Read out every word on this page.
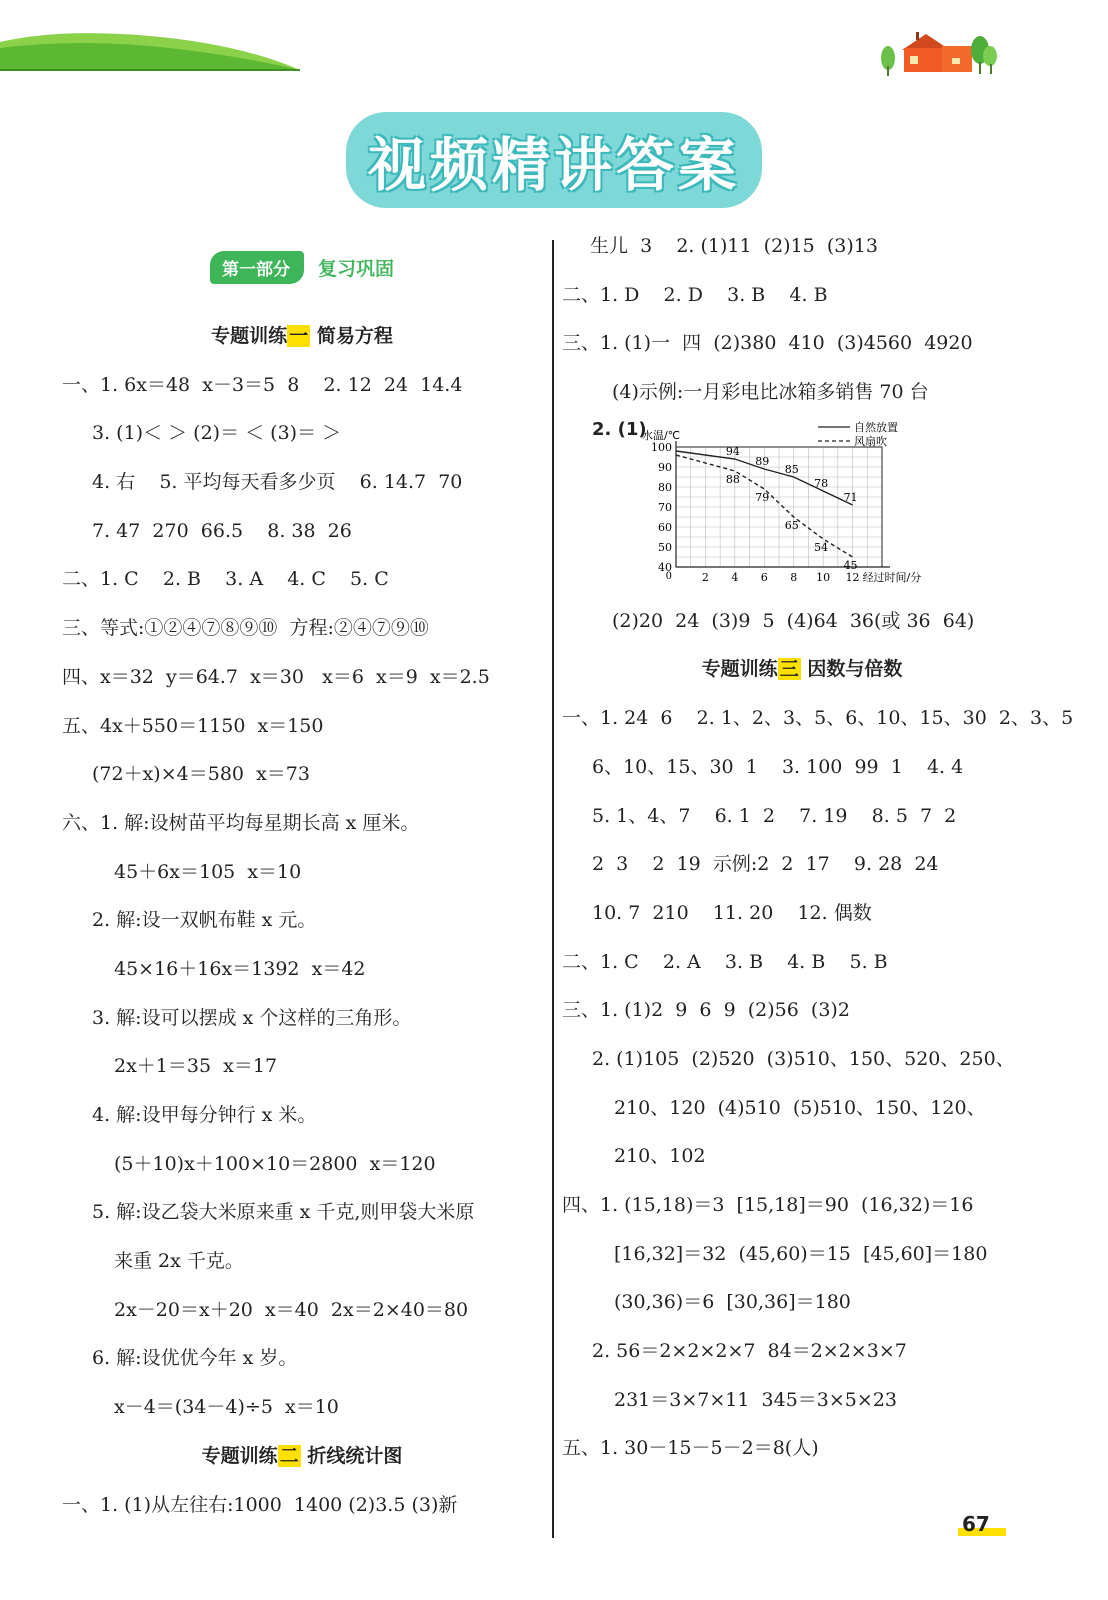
视频精讲答案
第一部分	复习巩固
专题训练 一 简易方程
一、1. 6x＝48  x－3＝5  8    2. 12  24  14.4
3. (1)＜ ＞ (2)＝ ＜ (3)＝ ＞
4. 右    5. 平均每天看多少页    6. 14.7  70
7. 47  270  66.5    8. 38  26
二、1. C    2. B    3. A    4. C    5. C
三、等式:①②④⑦⑧⑨⑩  方程:②④⑦⑨⑩
四、x＝32  y＝64.7  x＝30   x＝6  x＝9  x＝2.5
五、4x＋550＝1150  x＝150
(72＋x)×4＝580  x＝73
六、1. 解:设树苗平均每星期长高 x 厘米。
45＋6x＝105  x＝10
2. 解:设一双帆布鞋 x 元。
45×16＋16x＝1392  x＝42
3. 解:设可以摆成 x 个这样的三角形。
2x＋1＝35  x＝17
4. 解:设甲每分钟行 x 米。
(5＋10)x＋100×10＝2800  x＝120
5. 解:设乙袋大米原来重 x 千克,则甲袋大米原
来重 2x 千克。
2x－20＝x＋20  x＝40  2x＝2×40＝80
6. 解:设优优今年 x 岁。
x－4＝(34－4)÷5  x＝10
专题训练 二 折线统计图
一、1. (1)从左往右:1000  1400 (2)3.5 (3)新
生儿  3    2. (1)11  (2)15  (3)13
二、1. D    2. D    3. B    4. B
三、1. (1)一  四  (2)380  410  (3)4560  4920
(4)示例:一月彩电比冰箱多销售 70 台
2. (1)
40
50
60
70
80
90
100
2 4 6 8 10 12
0
水温/℃
经过时间/分
94
89
85
78
71
自然放置
88
79
65
54
45
风扇吹
(2)20  24  (3)9  5  (4)64  36(或 36  64)
专题训练 三 因数与倍数
一、1. 24  6    2. 1、2、3、5、6、10、15、30  2、3、5
6、10、15、30  1    3. 100  99  1    4. 4
5. 1、4、7    6. 1  2    7. 19    8. 5  7  2
2  3    2  19  示例:2  2  17    9. 28  24
10. 7  210    11. 20    12. 偶数
二、1. C    2. A    3. B    4. B    5. B
三、1. (1)2  9  6  9  (2)56  (3)2
2. (1)105  (2)520  (3)510、150、520、250、
210、120  (4)510  (5)510、150、120、
210、102
四、1. (15,18)＝3  [15,18]＝90  (16,32)＝16
[16,32]＝32  (45,60)＝15  [45,60]＝180
(30,36)＝6  [30,36]＝180
2. 56＝2×2×2×7  84＝2×2×3×7
231＝3×7×11  345＝3×5×23
五、1. 30－15－5－2＝8(人)
67
